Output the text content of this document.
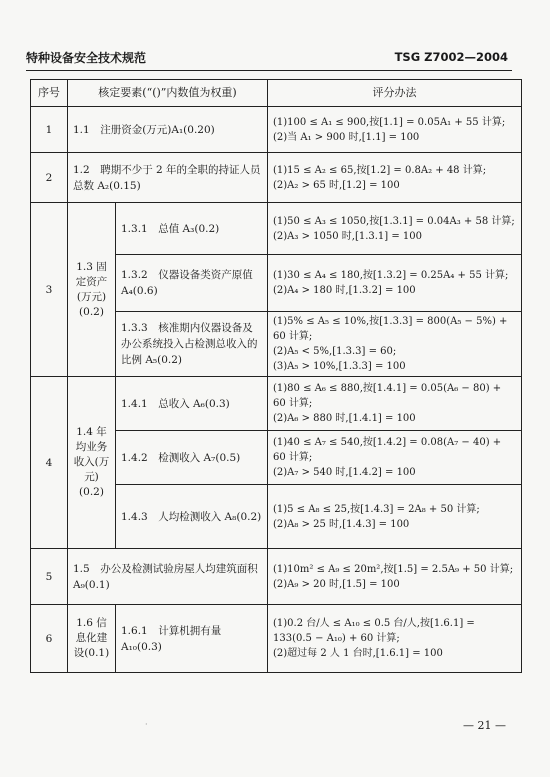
特种设备安全技术规范	TSG Z7002—2004
序号	核定要素(“()”内数值为权重)		评分办法
1	1.1　注册资金(万元)A₁(0.20)		(1)100 ≤ A₁ ≤ 900,按[1.1] = 0.05A₁ + 55 计算;
(2)当 A₁ > 900 时,[1.1] = 100

2	1.2　聘期不少于 2 年的全职的持证人员总数 A₂(0.15)		(1)15 ≤ A₂ ≤ 65,按[1.2] = 0.8A₂ + 48 计算;
(2)A₂ > 65 时,[1.2] = 100

3	1.3 固定资产(万元)(0.2)	1.3.1　总值 A₃(0.2)	(1)50 ≤ A₃ ≤ 1050,按[1.3.1] = 0.04A₃ + 58 计算;
(2)A₃ > 1050 时,[1.3.1] = 100

		1.3.2　仪器设备类资产原值 A₄(0.6)	(1)30 ≤ A₄ ≤ 180,按[1.3.2] = 0.25A₄ + 55 计算;
(2)A₄ > 180 时,[1.3.2] = 100

		1.3.3　核准期内仪器设备及办公系统投入占检测总收入的比例 A₅(0.2)	(1)5% ≤ A₅ ≤ 10%,按[1.3.3] = 800(A₅ − 5%) + 60 计算;
(2)A₅ < 5%,[1.3.3] = 60;
(3)A₅ > 10%,[1.3.3] = 100

4	1.4 年均业务收入(万元)(0.2)	1.4.1　总收入 A₆(0.3)	(1)80 ≤ A₆ ≤ 880,按[1.4.1] = 0.05(A₆ − 80) + 60 计算;
(2)A₆ > 880 时,[1.4.1] = 100

		1.4.2　检测收入 A₇(0.5)	(1)40 ≤ A₇ ≤ 540,按[1.4.2] = 0.08(A₇ − 40) + 60 计算;
(2)A₇ > 540 时,[1.4.2] = 100

		1.4.3　人均检测收入 A₈(0.2)	(1)5 ≤ A₈ ≤ 25,按[1.4.3] = 2A₈ + 50 计算;
(2)A₈ > 25 时,[1.4.3] = 100

5	1.5　办公及检测试验房屋人均建筑面积 A₉(0.1)		(1)10m² ≤ A₉ ≤ 20m²,按[1.5] = 2.5A₉ + 50 计算;
(2)A₉ > 20 时,[1.5] = 100

6	1.6 信息化建设(0.1)	1.6.1　计算机拥有量 A₁₀(0.3)	(1)0.2 台/人 ≤ A₁₀ ≤ 0.5 台/人,按[1.6.1] = 133(0.5 − A₁₀) + 60 计算;
(2)超过每 2 人 1 台时,[1.6.1] = 100
·	— 21 —
